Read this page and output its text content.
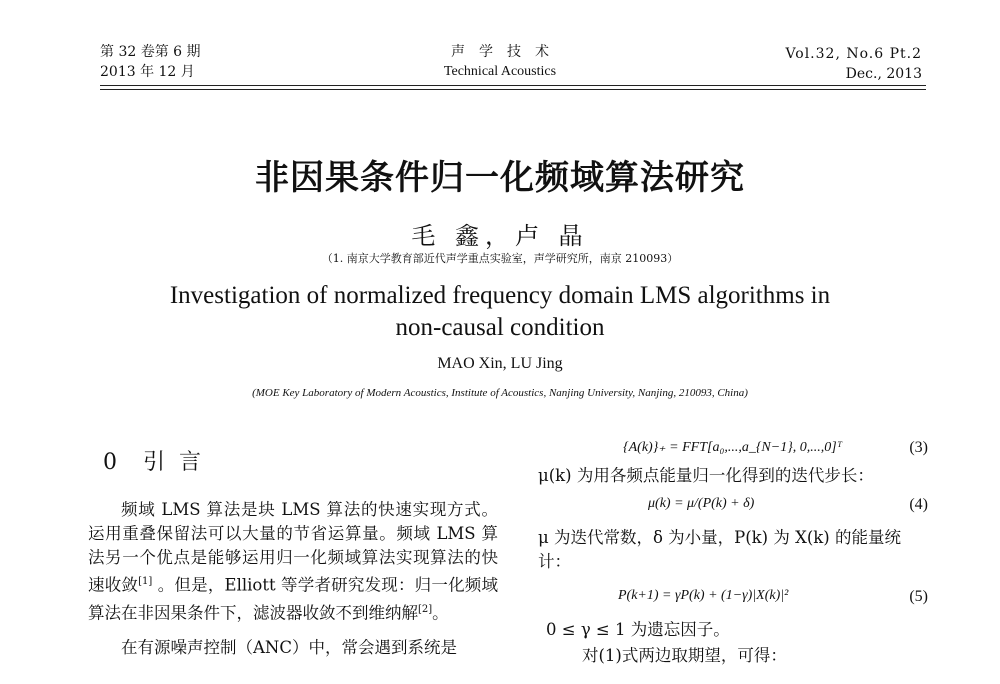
第 32 卷第 6 期
2013 年 12 月
声　学　技　术
Technical Acoustics
Vol.32, No.6 Pt.2
Dec., 2013
非因果条件归一化频域算法研究
毛 鑫，卢 晶
（1. 南京大学教育部近代声学重点实验室，声学研究所，南京 210093）
Investigation of normalized frequency domain LMS algorithms in
non-causal condition
MAO Xin, LU Jing
(MOE Key Laboratory of Modern Acoustics, Institute of Acoustics, Nanjing University, Nanjing, 210093, China)
0 引言

频域 LMS 算法是块 LMS 算法的快速实现方式。运用重叠保留法可以大量的节省运算量。频域 LMS 算法另一个优点是能够运用归一化频域算法实现算法的快速收敛[1] 。但是，Elliott 等学者研究发现：归一化频域算法在非因果条件下，滤波器收敛不到维纳解[2]。

在有源噪声控制（ANC）中，常会遇到系统是

{A(k)}₊ = FFT[a₀,...,a_{N−1}, 0,...,0]ᵀ	(3)
μ(k) 为用各频点能量归一化得到的迭代步长：
μ(k) = μ/(P(k) + δ)	(4)
μ 为迭代常数，δ 为小量，P(k) 为 X(k) 的能量统
计：
P(k+1) = γP(k) + (1−γ)|X(k)|²	(5)
0 ≤ γ ≤ 1 为遗忘因子。
对(1)式两边取期望，可得：
